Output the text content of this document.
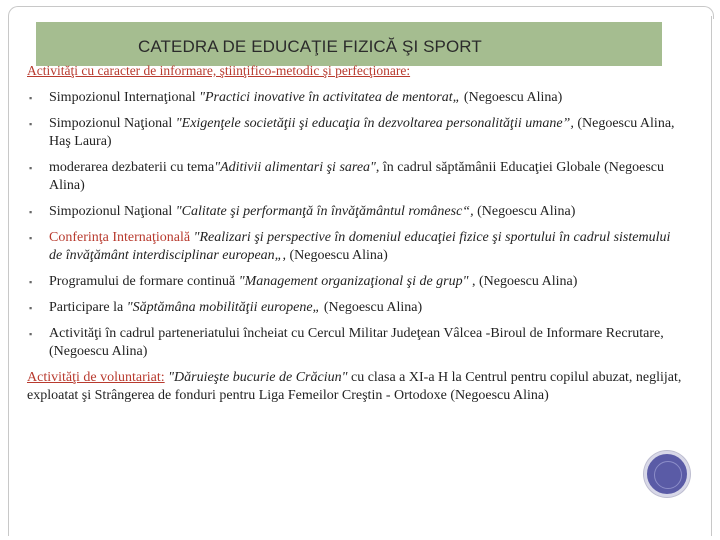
CATEDRA DE EDUCAŢIE FIZICĂ ŞI SPORT
Activităţi cu caracter de informare, ştiinţifico-metodic şi perfecţionare:
▪ Simpozionul Internaţional "Practici inovative în activitatea de mentorat„ (Negoescu Alina)
▪ Simpozionul Naţional "Exigenţele societăţii şi educaţia în dezvoltarea personalităţii umane”, (Negoescu Alina, Haş Laura)
▪ moderarea dezbaterii cu tema"Aditivii alimentari şi sarea", în cadrul săptămânii Educaţiei Globale (Negoescu Alina)
▪ Simpozionul Naţional "Calitate şi performanţă în învăţământul românesc“, (Negoescu Alina)
▪ Conferinţa Internaţională "Realizari şi perspective în domeniul educaţiei fizice şi sportului în cadrul sistemului de învăţământ interdisciplinar european„, (Negoescu Alina)
▪ Programului de formare continuă "Management organizaţional şi de grup" , (Negoescu Alina)
▪ Participare la "Săptămâna mobilităţii europene„ (Negoescu Alina)
▪ Activităţi în cadrul parteneriatului încheiat cu Cercul Militar Judeţean Vâlcea -Biroul de Informare Recrutare, (Negoescu Alina)
Activităţi de voluntariat: "Dăruieşte bucurie de Crăciun" cu clasa a XI-a H la Centrul pentru copilul abuzat, neglijat, exploatat şi Strângerea de fonduri pentru Liga Femeilor Creştin - Ortodoxe (Negoescu Alina)
